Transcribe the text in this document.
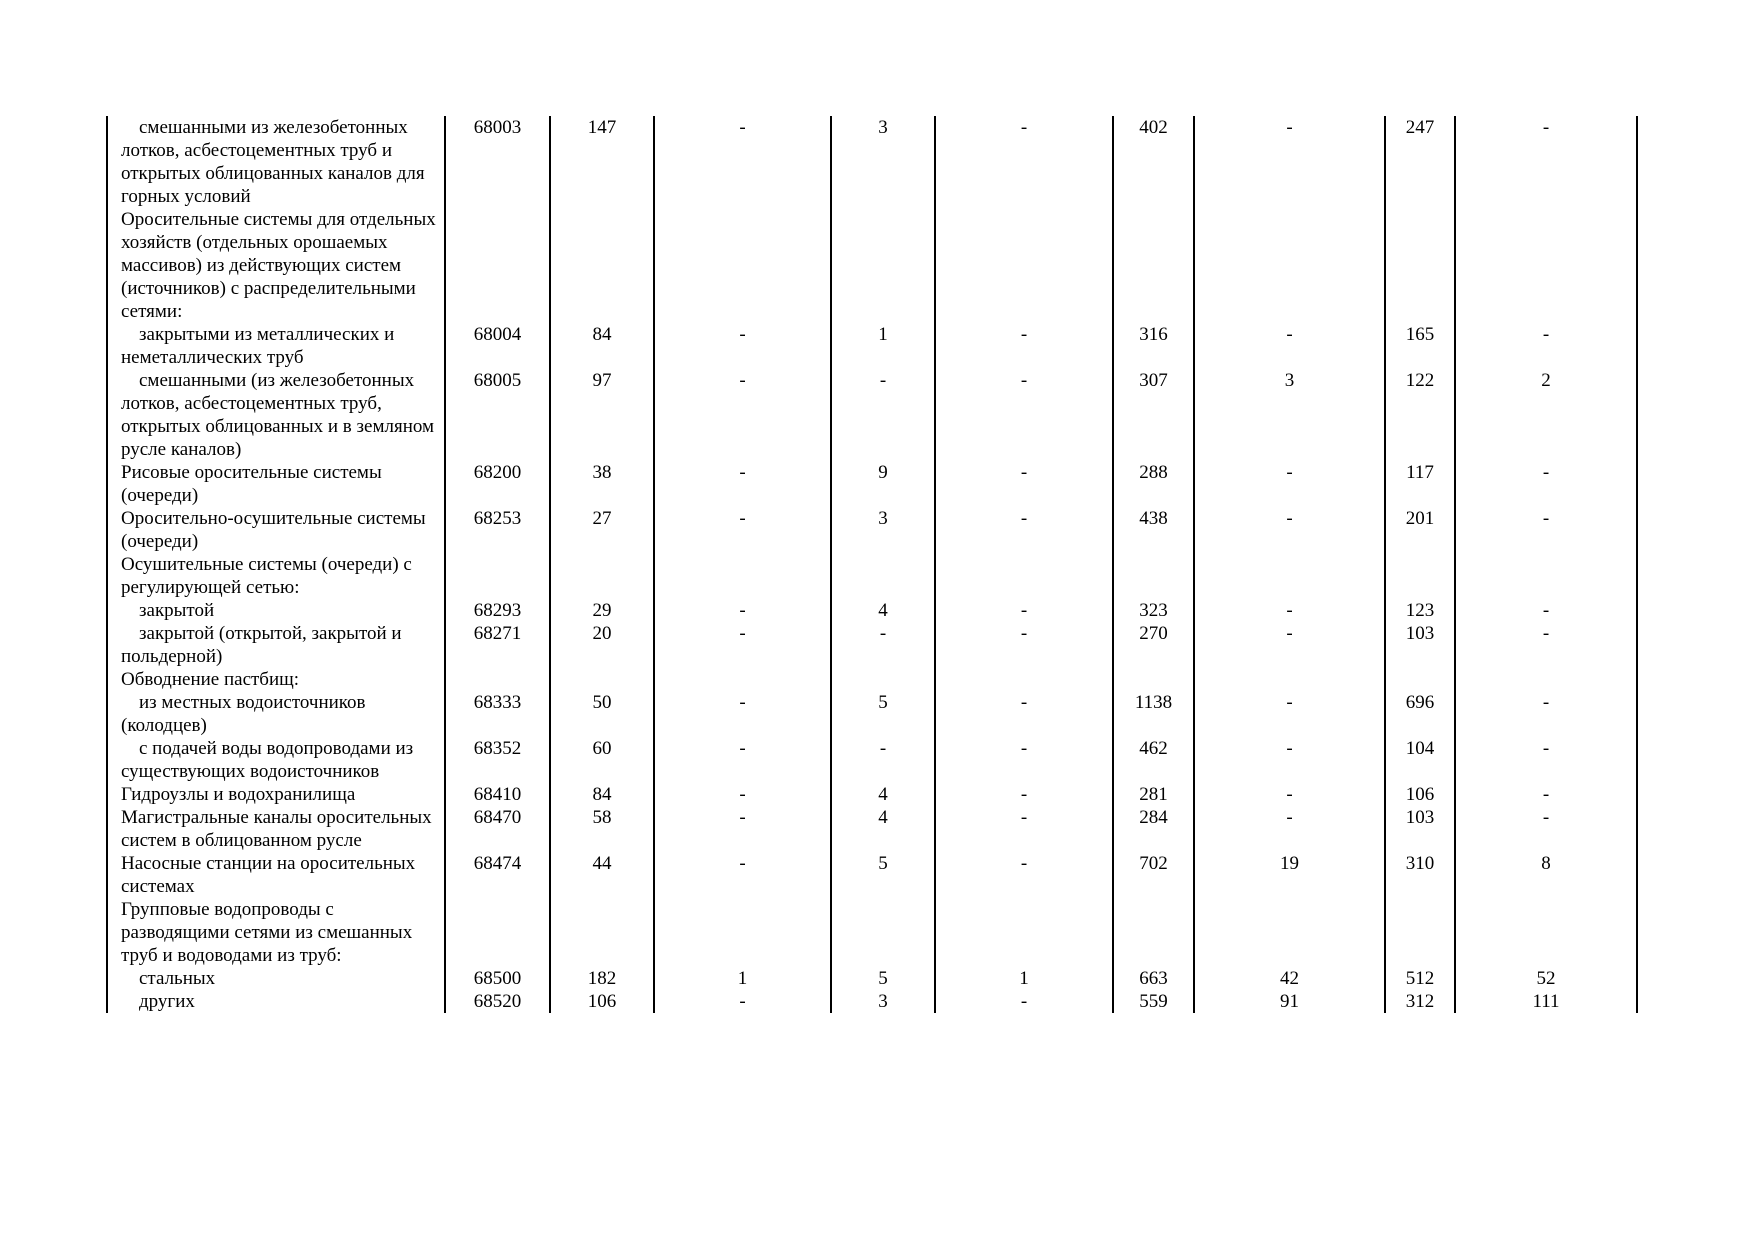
смешанными из железобетонных лотков, асбестоцементных труб и открытых облицованных каналов для горных условий	68003	147	-	3	-	402	-	247	-
Оросительные системы для отдельных хозяйств (отдельных орошаемых массивов) из действующих систем (источников) с распределительными сетями:									
закрытыми из металлических и неметаллических труб	68004	84	-	1	-	316	-	165	-
смешанными (из железобетонных лотков, асбестоцементных труб, открытых облицованных и в земляном русле каналов)	68005	97	-	-	-	307	3	122	2
Рисовые оросительные системы (очереди)	68200	38	-	9	-	288	-	117	-
Оросительно-осушительные системы (очереди)	68253	27	-	3	-	438	-	201	-
Осушительные системы (очереди) с регулирующей сетью:									
закрытой	68293	29	-	4	-	323	-	123	-
закрытой (открытой, закрытой и польдерной)	68271	20	-	-	-	270	-	103	-
Обводнение пастбищ:									
из местных водоисточников (колодцев)	68333	50	-	5	-	1138	-	696	-
с подачей воды водопроводами из существующих водоисточников	68352	60	-	-	-	462	-	104	-
Гидроузлы и водохранилища	68410	84	-	4	-	281	-	106	-
Магистральные каналы оросительных систем в облицованном русле	68470	58	-	4	-	284	-	103	-
Насосные станции на оросительных системах	68474	44	-	5	-	702	19	310	8
Групповые водопроводы с разводящими сетями из смешанных труб и водоводами из труб:									
стальных	68500	182	1	5	1	663	42	512	52
других	68520	106	-	3	-	559	91	312	111
